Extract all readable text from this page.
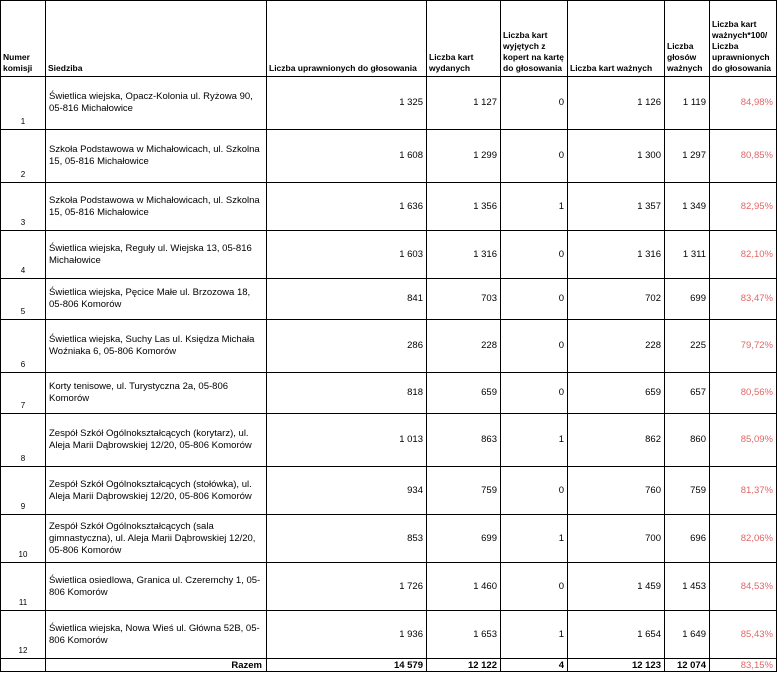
Numer komisji	Siedziba	Liczba uprawnionych do głosowania	Liczba kart wydanych	Liczba kart wyjętych z kopert na kartę do głosowania	Liczba kart ważnych	Liczba głosów ważnych	Liczba kart ważnych*100/ Liczba uprawnionych do głosowania
1	Świetlica wiejska, Opacz-Kolonia ul. Ryżowa 90, 05-816 Michałowice	1 325	1 127	0	1 126	1 119	84,98%
2	Szkoła Podstawowa w Michałowicach, ul. Szkolna 15, 05-816 Michałowice	1 608	1 299	0	1 300	1 297	80,85%
3	Szkoła Podstawowa w Michałowicach, ul. Szkolna 15, 05-816 Michałowice	1 636	1 356	1	1 357	1 349	82,95%
4	Świetlica wiejska, Reguły ul. Wiejska 13, 05-816 Michałowice	1 603	1 316	0	1 316	1 311	82,10%
5	Świetlica wiejska, Pęcice Małe ul. Brzozowa 18, 05-806 Komorów	841	703	0	702	699	83,47%
6	Świetlica wiejska, Suchy Las ul. Księdza Michała Woźniaka 6, 05-806 Komorów	286	228	0	228	225	79,72%
7	Korty tenisowe, ul. Turystyczna 2a, 05-806 Komorów	818	659	0	659	657	80,56%
8	Zespół Szkół Ogólnokształcących (korytarz), ul. Aleja Marii Dąbrowskiej 12/20, 05-806 Komorów	1 013	863	1	862	860	85,09%
9	Zespół Szkół Ogólnokształcących (stołówka), ul. Aleja Marii Dąbrowskiej 12/20, 05-806 Komorów	934	759	0	760	759	81,37%
10	Zespół Szkół Ogólnokształcących (sala gimnastyczna), ul. Aleja Marii Dąbrowskiej 12/20, 05-806 Komorów	853	699	1	700	696	82,06%
11	Świetlica osiedlowa, Granica ul. Czeremchy 1, 05-806 Komorów	1 726	1 460	0	1 459	1 453	84,53%
12	Świetlica wiejska, Nowa Wieś ul. Główna 52B, 05-806 Komorów	1 936	1 653	1	1 654	1 649	85,43%
	Razem	14 579	12 122	4	12 123	12 074	83,15%
